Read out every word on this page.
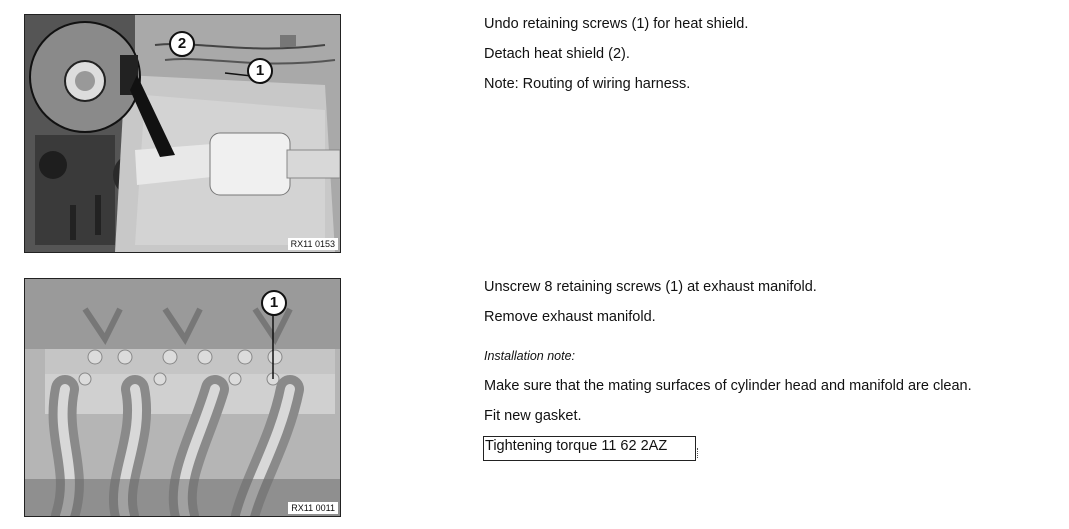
2
1
RX11 0153
1
RX11 0011
Undo retaining screws (1) for heat shield.
Detach heat shield (2).
Note: Routing of wiring harness.
Unscrew 8 retaining screws (1) at exhaust manifold.
Remove exhaust manifold.
Installation note:
Make sure that the mating surfaces of cylinder head and manifold are clean.
Fit new gasket.
Tightening torque 11 62 2AZ
